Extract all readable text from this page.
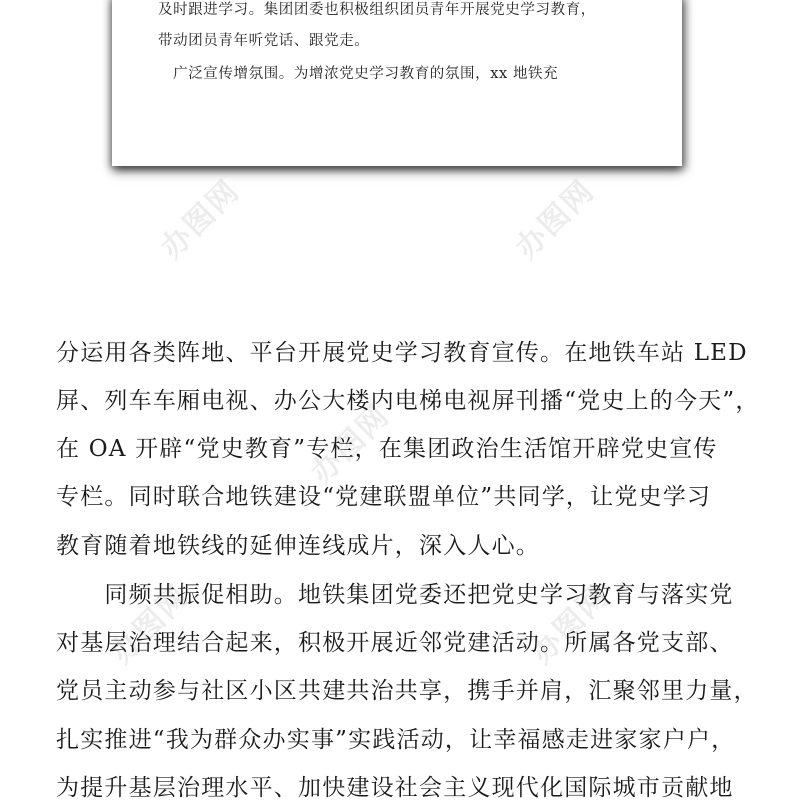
及时跟进学习。集团团委也积极组织团员青年开展党史学习教育，
带动团员青年听党话、跟党走。
　广泛宣传增氛围。为增浓党史学习教育的氛围，xx 地铁充
办图网	办图网
办图网
办图网	办图网
分运用各类阵地、平台开展党史学习教育宣传。在地铁车站 LED
屏、列车车厢电视、办公大楼内电梯电视屏刊播“党史上的今天”，
在 OA 开辟“党史教育”专栏，在集团政治生活馆开辟党史宣传
专栏。同时联合地铁建设“党建联盟单位”共同学，让党史学习
教育随着地铁线的延伸连线成片，深入人心。
　　同频共振促相助。地铁集团党委还把党史学习教育与落实党
对基层治理结合起来，积极开展近邻党建活动。所属各党支部、
党员主动参与社区小区共建共治共享，携手并肩，汇聚邻里力量，
扎实推进“我为群众办实事”实践活动，让幸福感走进家家户户，
为提升基层治理水平、加快建设社会主义现代化国际城市贡献地
